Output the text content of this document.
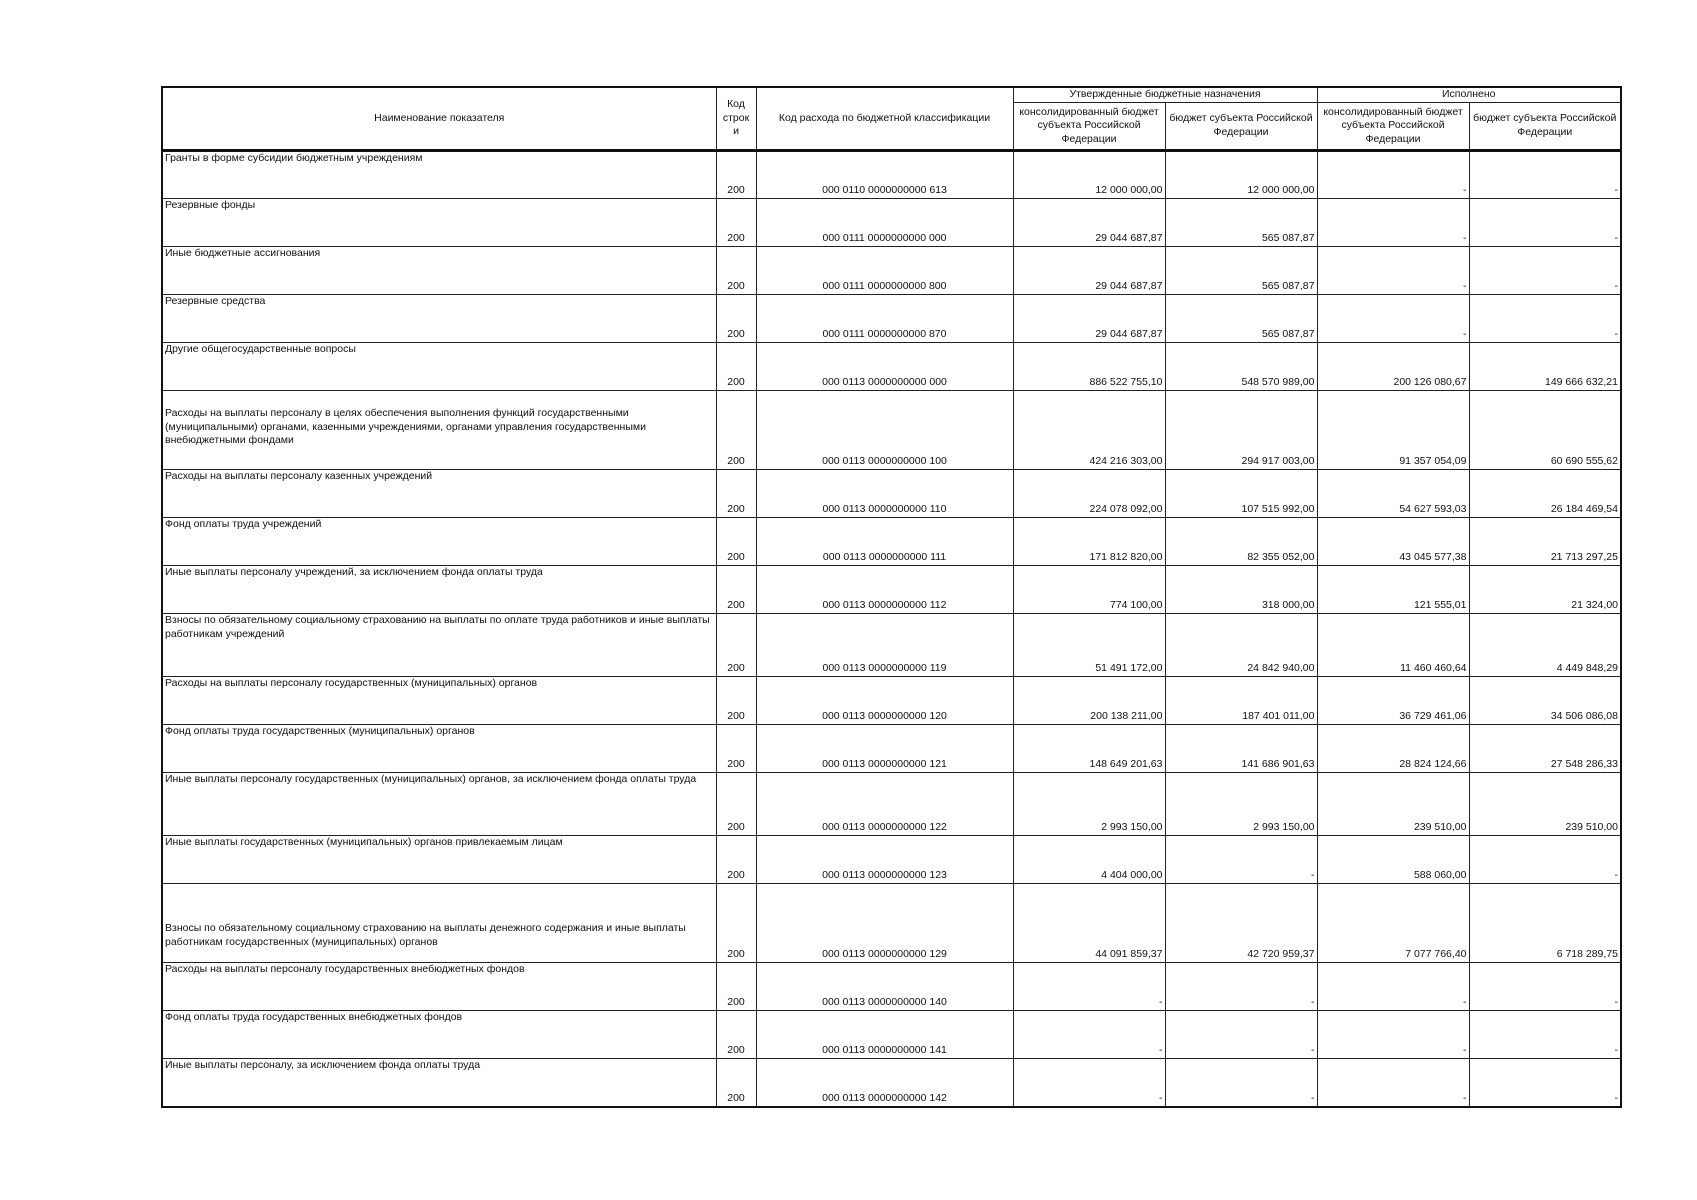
Наименование показателя	Код строк и	Код расхода по бюджетной классификации	Утвержденные бюджетные назначения		Исполнено	
			консолидированный бюджет субъекта Российской Федерации	бюджет субъекта Российской Федерации	консолидированный бюджет субъекта Российской Федерации	бюджет субъекта Российской Федерации
Гранты в форме субсидии бюджетным учреждениям	200	000 0110 0000000000 613	12 000 000,00	12 000 000,00	-	-
Резервные фонды	200	000 0111 0000000000 000	29 044 687,87	565 087,87	-	-
Иные бюджетные ассигнования	200	000 0111 0000000000 800	29 044 687,87	565 087,87	-	-
Резервные средства	200	000 0111 0000000000 870	29 044 687,87	565 087,87	-	-
Другие общегосударственные вопросы	200	000 0113 0000000000 000	886 522 755,10	548 570 989,00	200 126 080,67	149 666 632,21
Расходы на выплаты персоналу в целях обеспечения выполнения функций государственными (муниципальными) органами, казенными учреждениями, органами управления государственными внебюджетными фондами	200	000 0113 0000000000 100	424 216 303,00	294 917 003,00	91 357 054,09	60 690 555,62
Расходы на выплаты персоналу казенных учреждений	200	000 0113 0000000000 110	224 078 092,00	107 515 992,00	54 627 593,03	26 184 469,54
Фонд оплаты труда учреждений	200	000 0113 0000000000 111	171 812 820,00	82 355 052,00	43 045 577,38	21 713 297,25
Иные выплаты персоналу учреждений, за исключением фонда оплаты труда	200	000 0113 0000000000 112	774 100,00	318 000,00	121 555,01	21 324,00
Взносы по обязательному социальному страхованию на выплаты по оплате труда работников и иные выплаты работникам учреждений	200	000 0113 0000000000 119	51 491 172,00	24 842 940,00	11 460 460,64	4 449 848,29
Расходы на выплаты персоналу государственных (муниципальных) органов	200	000 0113 0000000000 120	200 138 211,00	187 401 011,00	36 729 461,06	34 506 086,08
Фонд оплаты труда государственных (муниципальных) органов	200	000 0113 0000000000 121	148 649 201,63	141 686 901,63	28 824 124,66	27 548 286,33
Иные выплаты персоналу государственных (муниципальных) органов, за исключением фонда оплаты труда	200	000 0113 0000000000 122	2 993 150,00	2 993 150,00	239 510,00	239 510,00
Иные выплаты государственных (муниципальных) органов привлекаемым лицам	200	000 0113 0000000000 123	4 404 000,00	-	588 060,00	-
Взносы по обязательному социальному страхованию на выплаты денежного содержания и иные выплаты работникам государственных (муниципальных) органов	200	000 0113 0000000000 129	44 091 859,37	42 720 959,37	7 077 766,40	6 718 289,75
Расходы на выплаты персоналу государственных внебюджетных фондов	200	000 0113 0000000000 140	-	-	-	-
Фонд оплаты труда государственных внебюджетных фондов	200	000 0113 0000000000 141	-	-	-	-
Иные выплаты персоналу, за исключением фонда оплаты труда	200	000 0113 0000000000 142	-	-	-	-
